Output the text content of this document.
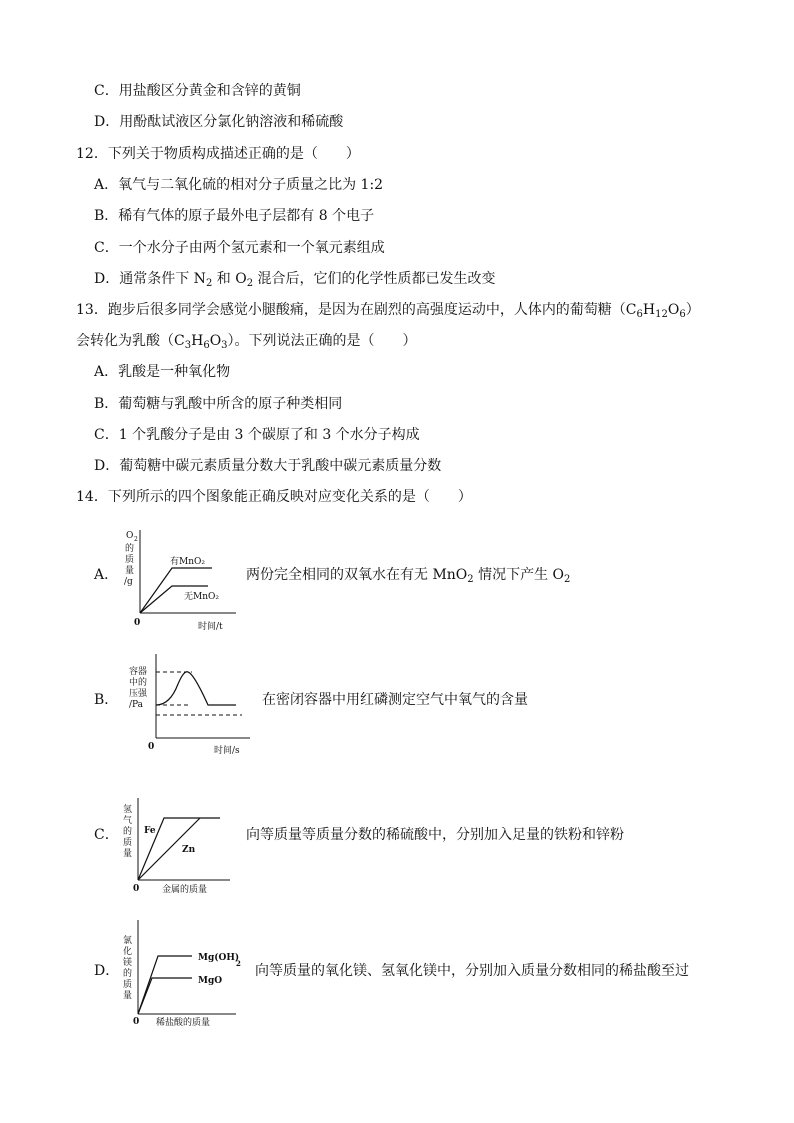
C．用盐酸区分黄金和含锌的黄铜
D．用酚酞试液区分氯化钠溶液和稀硫酸
12．下列关于物质构成描述正确的是（　　）
A．氧气与二氧化硫的相对分子质量之比为 1:2
B．稀有气体的原子最外电子层都有 8 个电子
C．一个水分子由两个氢元素和一个氧元素组成
D．通常条件下 $N_2$ 和 $O_2$ 混合后，它们的化学性质都已发生改变
13．跑步后很多同学会感觉小腿酸痛，是因为在剧烈的高强度运动中，人体内的葡萄糖$(C_6H_{12}O_6)$
会转化为乳酸$(C_3H_6O_3)$。下列说法正确的是（　　）
A．乳酸是一种氧化物
B．葡萄糖与乳酸中所含的原子种类相同
C．1 个乳酸分子是由 3 个碳原了和 3 个水分子构成
D．葡萄糖中碳元素质量分数大于乳酸中碳元素质量分数
14．下列所示的四个图象能正确反映对应变化关系的是（　　）
A．
O 2
的
质
量
/g
有MnO₂
无MnO₂
0	时间/t
两份完全相同的双氧水在有无 MnO$_2$ 情况下产生 $O_2$
B．
容器
中的
压强
/Pa
0	时间/s
在密闭容器中用红磷测定空气中氧气的含量
C．
氢
气
的
质
量
Fe
Zn
0	金属的质量
向等质量等质量分数的稀硫酸中，分别加入足量的铁粉和锌粉
D．
氯
化
镁
的
质
量
Mg(OH)
2
MgO
0 稀盐酸的质量
向等质量的氧化镁、氢氧化镁中，分别加入质量分数相同的稀盐酸至过
